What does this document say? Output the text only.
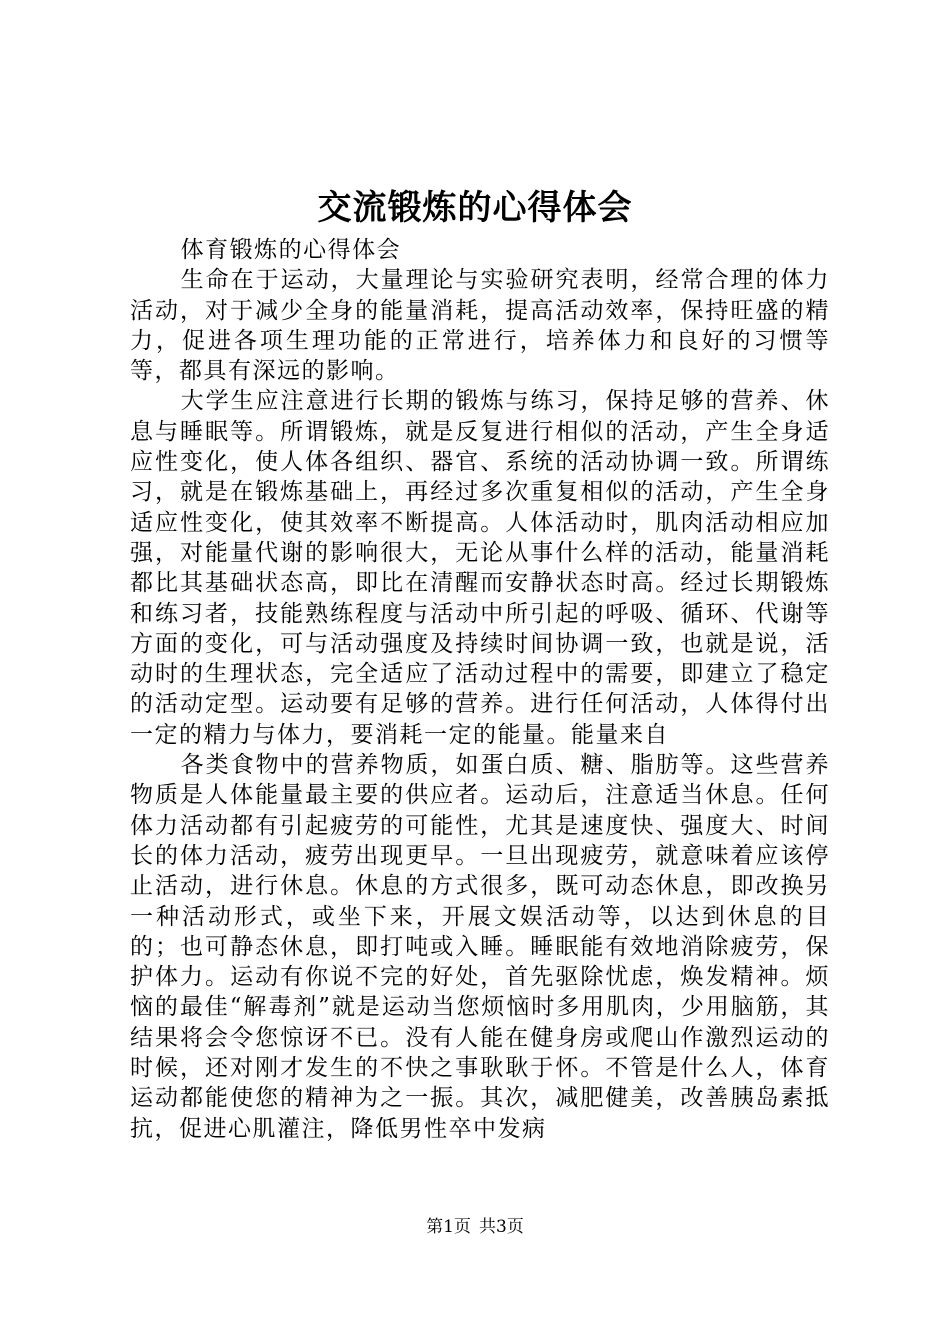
交流锻炼的心得体会

体育锻炼的心得体会

生命在于运动，大量理论与实验研究表明，经常合理的体力活动，对于减少全身的能量消耗，提高活动效率，保持旺盛的精力，促进各项生理功能的正常进行，培养体力和良好的习惯等等，都具有深远的影响。

大学生应注意进行长期的锻炼与练习，保持足够的营养、休息与睡眠等。所谓锻炼，就是反复进行相似的活动，产生全身适应性变化，使人体各组织、器官、系统的活动协调一致。所谓练习，就是在锻炼基础上，再经过多次重复相似的活动，产生全身适应性变化，使其效率不断提高。人体活动时，肌肉活动相应加强，对能量代谢的影响很大，无论从事什么样的活动，能量消耗都比其基础状态高，即比在清醒而安静状态时高。经过长期锻炼和练习者，技能熟练程度与活动中所引起的呼吸、循环、代谢等方面的变化，可与活动强度及持续时间协调一致，也就是说，活动时的生理状态，完全适应了活动过程中的需要，即建立了稳定的活动定型。运动要有足够的营养。进行任何活动，人体得付出一定的精力与体力，要消耗一定的能量。能量来自

各类食物中的营养物质，如蛋白质、糖、脂肪等。这些营养物质是人体能量最主要的供应者。运动后，注意适当休息。任何体力活动都有引起疲劳的可能性，尤其是速度快、强度大、时间长的体力活动，疲劳出现更早。一旦出现疲劳，就意味着应该停止活动，进行休息。休息的方式很多，既可动态休息，即改换另一种活动形式，或坐下来，开展文娱活动等，以达到休息的目的；也可静态休息，即打吨或入睡。睡眠能有效地消除疲劳，保护体力。运动有你说不完的好处，首先驱除忧虑，焕发精神。烦恼的最佳“解毒剂”就是运动当您烦恼时多用肌肉，少用脑筋，其结果将会令您惊讶不已。没有人能在健身房或爬山作激烈运动的时候，还对刚才发生的不快之事耿耿于怀。不管是什么人，体育运动都能使您的精神为之一振。其次，减肥健美，改善胰岛素抵抗，促进心肌灌注，降低男性卒中发病

第1页 共3页
